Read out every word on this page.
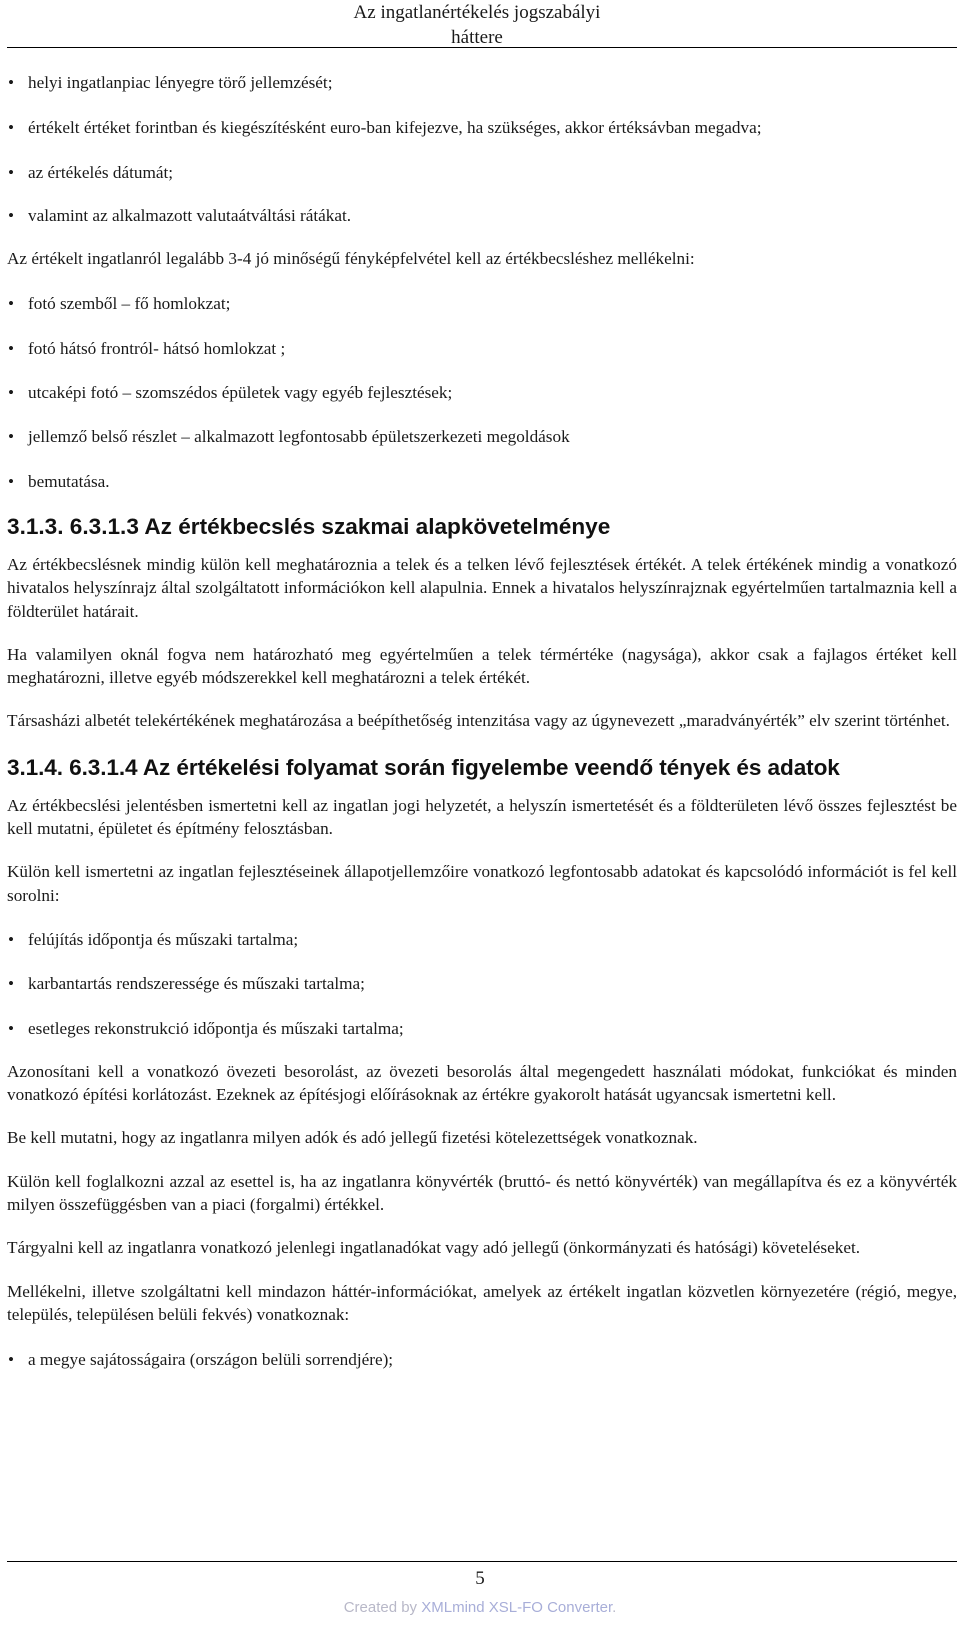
Az ingatlanértékelés jogszabályi háttere
• helyi ingatlanpiac lényegre törő jellemzését;
• értékelt értéket forintban és kiegészítésként euro-ban kifejezve, ha szükséges, akkor értéksávban megadva;
• az értékelés dátumát;
• valamint az alkalmazott valutaátváltási rátákat.

Az értékelt ingatlanról legalább 3-4 jó minőségű fényképfelvétel kell az értékbecsléshez mellékelni:

• fotó szemből – fő homlokzat;
• fotó hátsó frontról- hátsó homlokzat ;
• utcaképi fotó – szomszédos épületek vagy egyéb fejlesztések;
• jellemző belső részlet – alkalmazott legfontosabb épületszerkezeti megoldások
• bemutatása.
3.1.3. 6.3.1.3 Az értékbecslés szakmai alapkövetelménye

Az értékbecslésnek mindig külön kell meghatároznia a telek és a telken lévő fejlesztések értékét. A telek értékének mindig a vonatkozó hivatalos helyszínrajz által szolgáltatott információkon kell alapulnia. Ennek a hivatalos helyszínrajznak egyértelműen tartalmaznia kell a földterület határait.

Ha valamilyen oknál fogva nem határozható meg egyértelműen a telek térmértéke (nagysága), akkor csak a fajlagos értéket kell meghatározni, illetve egyéb módszerekkel kell meghatározni a telek értékét.

Társasházi albetét telekértékének meghatározása a beépíthetőség intenzitása vagy az úgynevezett „maradványérték” elv szerint történhet.

3.1.4. 6.3.1.4 Az értékelési folyamat során figyelembe veendő tények és adatok

Az értékbecslési jelentésben ismertetni kell az ingatlan jogi helyzetét, a helyszín ismertetését és a földterületen lévő összes fejlesztést be kell mutatni, épületet és építmény felosztásban.

Külön kell ismertetni az ingatlan fejlesztéseinek állapotjellemzőire vonatkozó legfontosabb adatokat és kapcsolódó információt is fel kell sorolni:

• felújítás időpontja és műszaki tartalma;
• karbantartás rendszeressége és műszaki tartalma;
• esetleges rekonstrukció időpontja és műszaki tartalma;

Azonosítani kell a vonatkozó övezeti besorolást, az övezeti besorolás által megengedett használati módokat, funkciókat és minden vonatkozó építési korlátozást. Ezeknek az építésjogi előírásoknak az értékre gyakorolt hatását ugyancsak ismertetni kell.

Be kell mutatni, hogy az ingatlanra milyen adók és adó jellegű fizetési kötelezettségek vonatkoznak.

Külön kell foglalkozni azzal az esettel is, ha az ingatlanra könyvérték (bruttó- és nettó könyvérték) van megállapítva és ez a könyvérték milyen összefüggésben van a piaci (forgalmi) értékkel.

Tárgyalni kell az ingatlanra vonatkozó jelenlegi ingatlanadókat vagy adó jellegű (önkormányzati és hatósági) követeléseket.

Mellékelni, illetve szolgáltatni kell mindazon háttér-információkat, amelyek az értékelt ingatlan közvetlen környezetére (régió, megye, település, településen belüli fekvés) vonatkoznak:

• a megye sajátosságaira (országon belüli sorrendjére);
5
Created by XMLmind XSL-FO Converter.
